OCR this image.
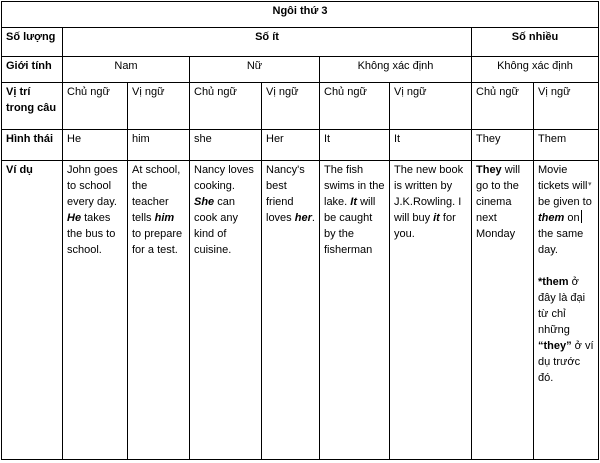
Ngôi thứ 3								
Số lượng	Số ít						Số nhiều	
Giới tính	Nam		Nữ		Không xác định		Không xác định	
Vị trí trong câu	Chủ ngữ	Vị ngữ	Chủ ngữ	Vị ngữ	Chủ ngữ	Vị ngữ	Chủ ngữ	Vị ngữ
Hình thái	He	him	she	Her	It	It	They	Them
Ví dụ	John goes to school every day. He takes the bus to school.	At school, the teacher tells him to prepare for a test.	Nancy loves cooking. She can cook any kind of cuisine.	Nancy's best friend loves her.	The fish swims in the lake. It will be caught by the fisherman	The new book is written by J.K.Rowling. I will buy it for you.	They will go to the cinema next Monday	Movie tickets will be given to them on the same day.

*them ở đây là đại từ chỉ những “they” ở ví dụ trước đó.
▾
